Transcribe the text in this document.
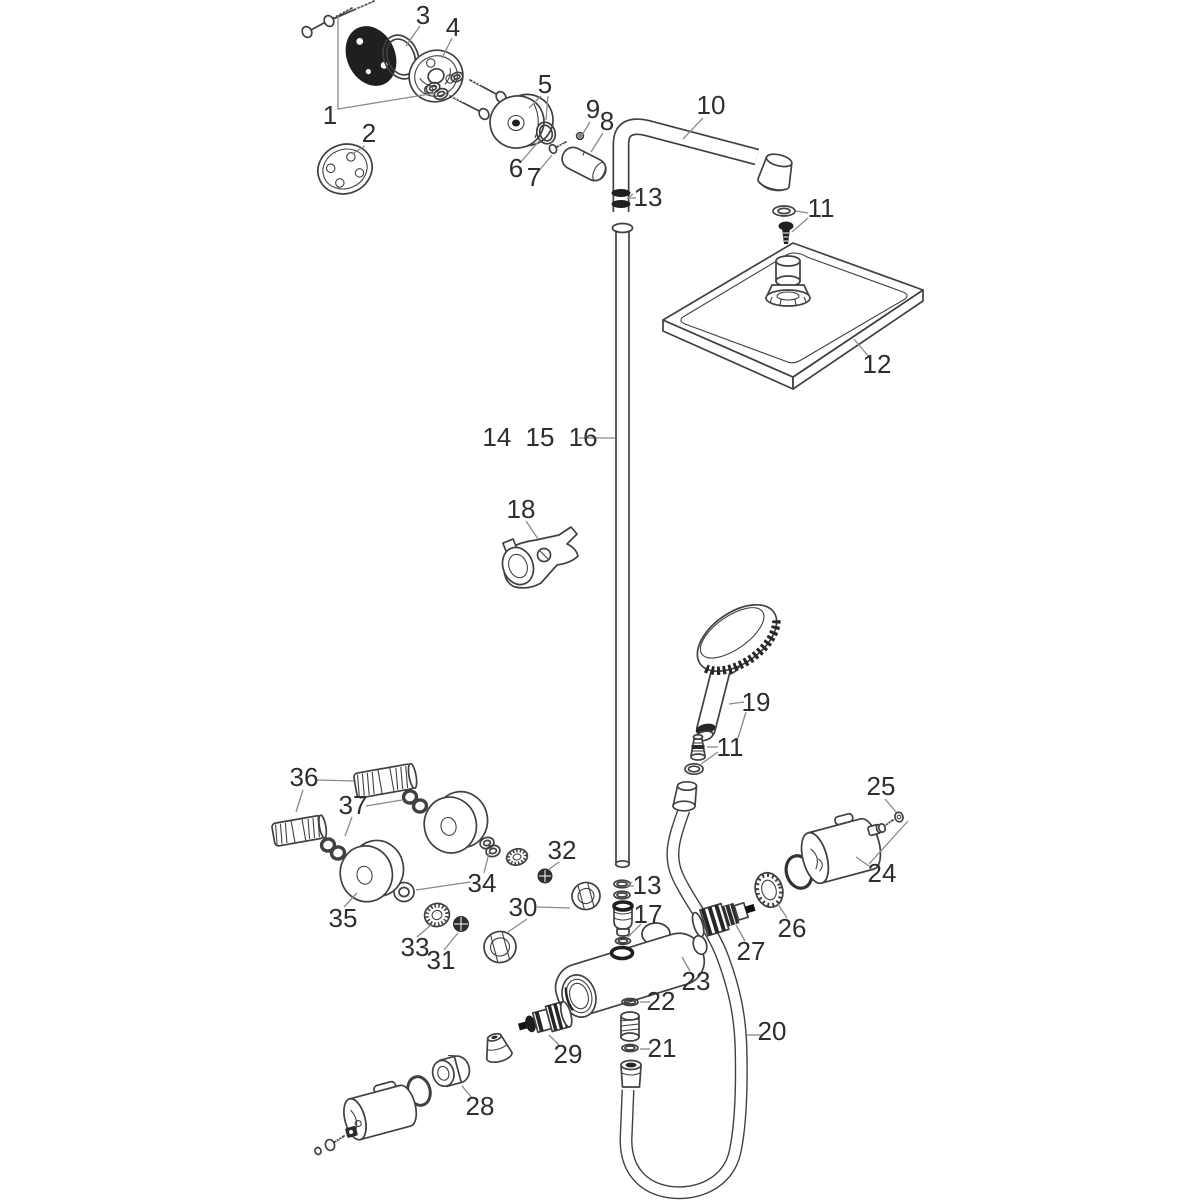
3 4
1
2
5
6 7
9 8
10
13	11
12
14 15 16
18
19
11
36
37
25
24
32
34
35	30
13
17
33
31
26
27
23
22
29	21
20
28
